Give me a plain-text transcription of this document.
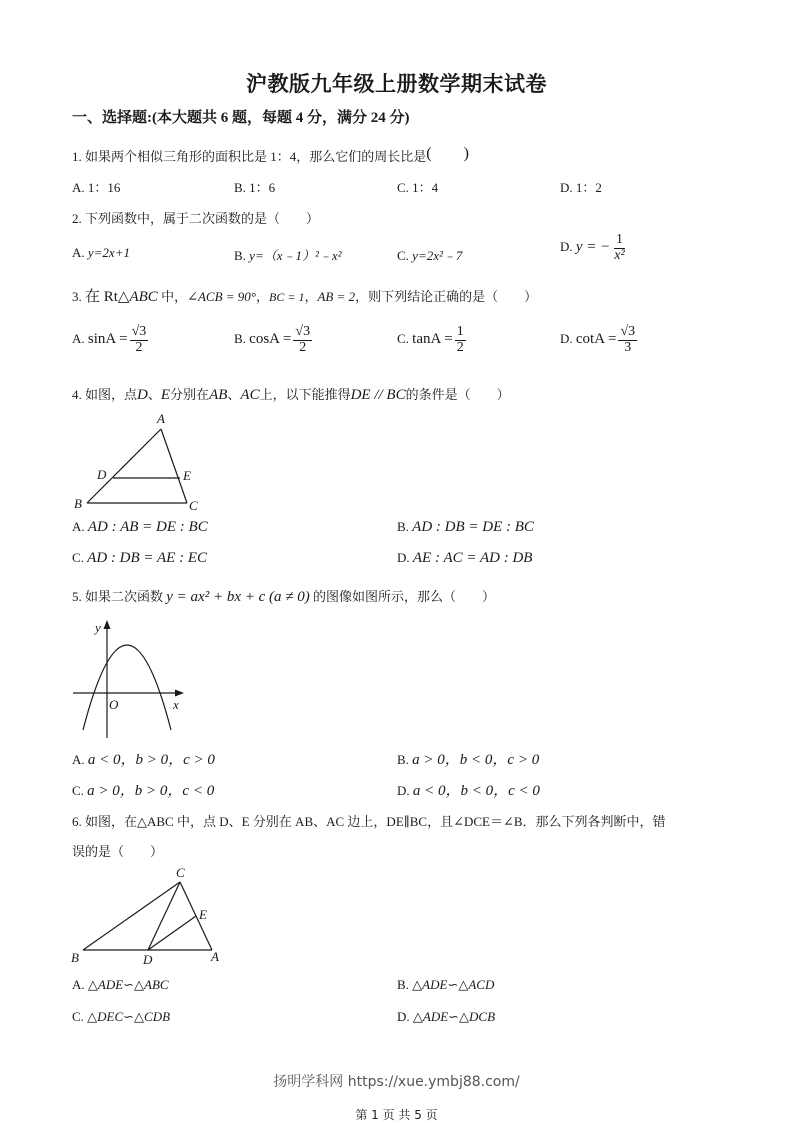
沪教版九年级上册数学期末试卷
一、选择题:(本大题共 6 题，每题 4 分，满分 24 分)
1. 如果两个相似三角形的面积比是 1：4，那么它们的周长比是(　　)
A. 1：16	B. 1：6	C. 1：4	D. 1：2
2. 下列函数中，属于二次函数的是（　　）
A. y=2x+1	B. y=（x﹣1）²﹣x²	C. y=2x²﹣7
D. y = − $\frac{1}{\text{x²}}$
3. 在 Rt△ABC 中，∠ACB = 90°，BC = 1，AB = 2，则下列结论正确的是（　　）
A. $\sin A = \frac{√3}{2}$	B. $\cos A = \frac{√3}{2}$	C. $\tan A = \frac{1}{2}$	D. $\cot A = \frac{√3}{3}$
4. 如图，点D、E分别在AB、AC上，以下能推得DE // BC的条件是（　　）
A
D	E
B	C
A. AD : AB = DE : BC	B. AD : DB = DE : BC
C. AD : DB = AE : EC	D. AE : AC = AD : DB
5. 如果二次函数 y = ax² + bx + c (a ≠ 0) 的图像如图所示，那么（　　）
y
O	x
A. a < 0，b > 0，c > 0	B. a > 0，b < 0，c > 0
C. a > 0，b > 0，c < 0	D. a < 0，b < 0，c < 0
6. 如图，在△ABC 中，点 D、E 分别在 AB、AC 边上，DE∥BC，且∠DCE＝∠B．那么下列各判断中，错
误的是（　　）
C
E
B	D	A
A. △ADE∽△ABC	B. △ADE∽△ACD
C. △DEC∽△CDB	D. △ADE∽△DCB
扬明学科网 https://xue.ymbj88.com/
第 1 页 共 5 页
